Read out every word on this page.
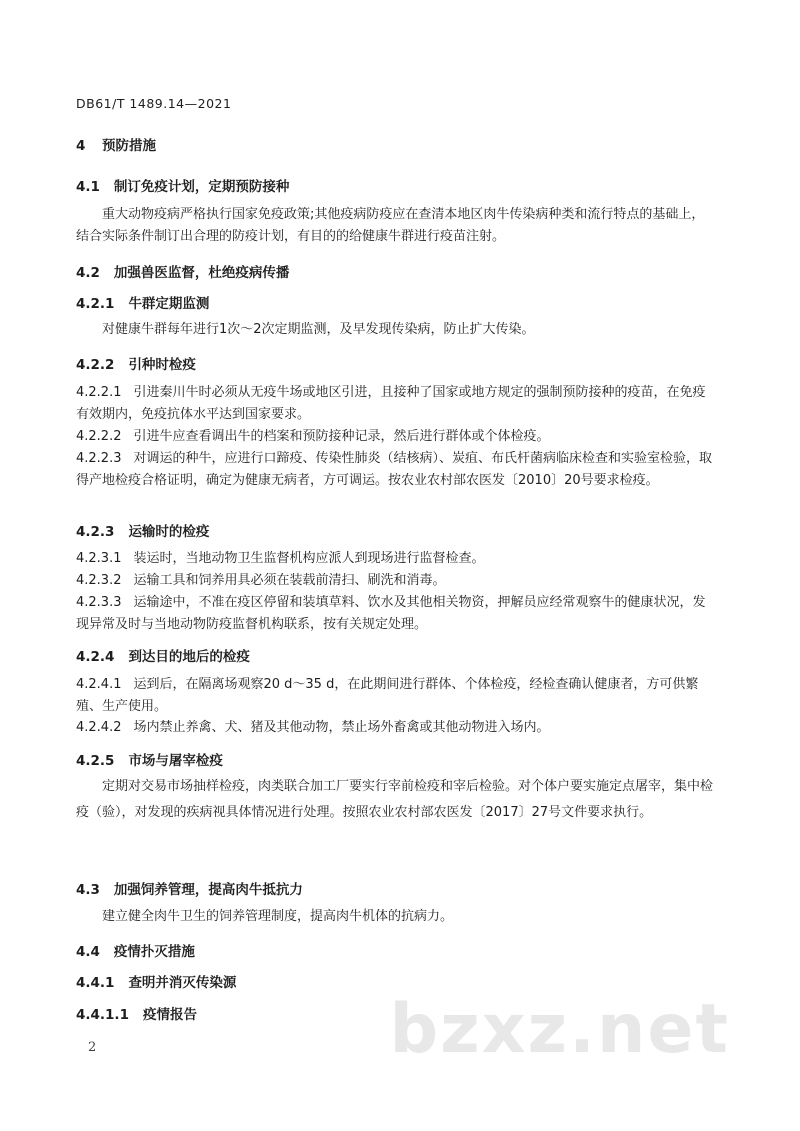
DB61/T 1489.14—2021
4 预防措施
4.1 制订免疫计划，定期预防接种

重大动物疫病严格执行国家免疫政策;其他疫病防疫应在查清本地区肉牛传染病种类和流行特点的基础上，结合实际条件制订出合理的防疫计划，有目的的给健康牛群进行疫苗注射。

4.2 加强兽医监督，杜绝疫病传播
4.2.1 牛群定期监测

对健康牛群每年进行1次～2次定期监测，及早发现传染病，防止扩大传染。

4.2.2 引种时检疫

4.2.2.1 引进秦川牛时必须从无疫牛场或地区引进，且接种了国家或地方规定的强制预防接种的疫苗，在免疫有效期内，免疫抗体水平达到国家要求。

4.2.2.2 引进牛应查看调出牛的档案和预防接种记录，然后进行群体或个体检疫。

4.2.2.3 对调运的种牛，应进行口蹄疫、传染性肺炎（结核病）、炭疽、布氏杆菌病临床检查和实验室检验，取得产地检疫合格证明，确定为健康无病者，方可调运。按农业农村部农医发〔2010〕20号要求检疫。

4.2.3 运输时的检疫

4.2.3.1 装运时，当地动物卫生监督机构应派人到现场进行监督检查。

4.2.3.2 运输工具和饲养用具必须在装载前清扫、刷洗和消毒。

4.2.3.3 运输途中，不准在疫区停留和装填草料、饮水及其他相关物资，押解员应经常观察牛的健康状况，发现异常及时与当地动物防疫监督机构联系，按有关规定处理。

4.2.4 到达目的地后的检疫

4.2.4.1 运到后，在隔离场观察20 d～35 d，在此期间进行群体、个体检疫，经检查确认健康者，方可供繁殖、生产使用。

4.2.4.2 场内禁止养禽、犬、猪及其他动物，禁止场外畜禽或其他动物进入场内。

4.2.5 市场与屠宰检疫

定期对交易市场抽样检疫，肉类联合加工厂要实行宰前检疫和宰后检验。对个体户要实施定点屠宰，集中检疫（验），对发现的疾病视具体情况进行处理。按照农业农村部农医发〔2017〕27号文件要求执行。

4.3 加强饲养管理，提高肉牛抵抗力

建立健全肉牛卫生的饲养管理制度，提高肉牛机体的抗病力。

4.4 疫情扑灭措施
4.4.1 查明并消灭传染源
4.4.1.1 疫情报告	bzxz.net
2
